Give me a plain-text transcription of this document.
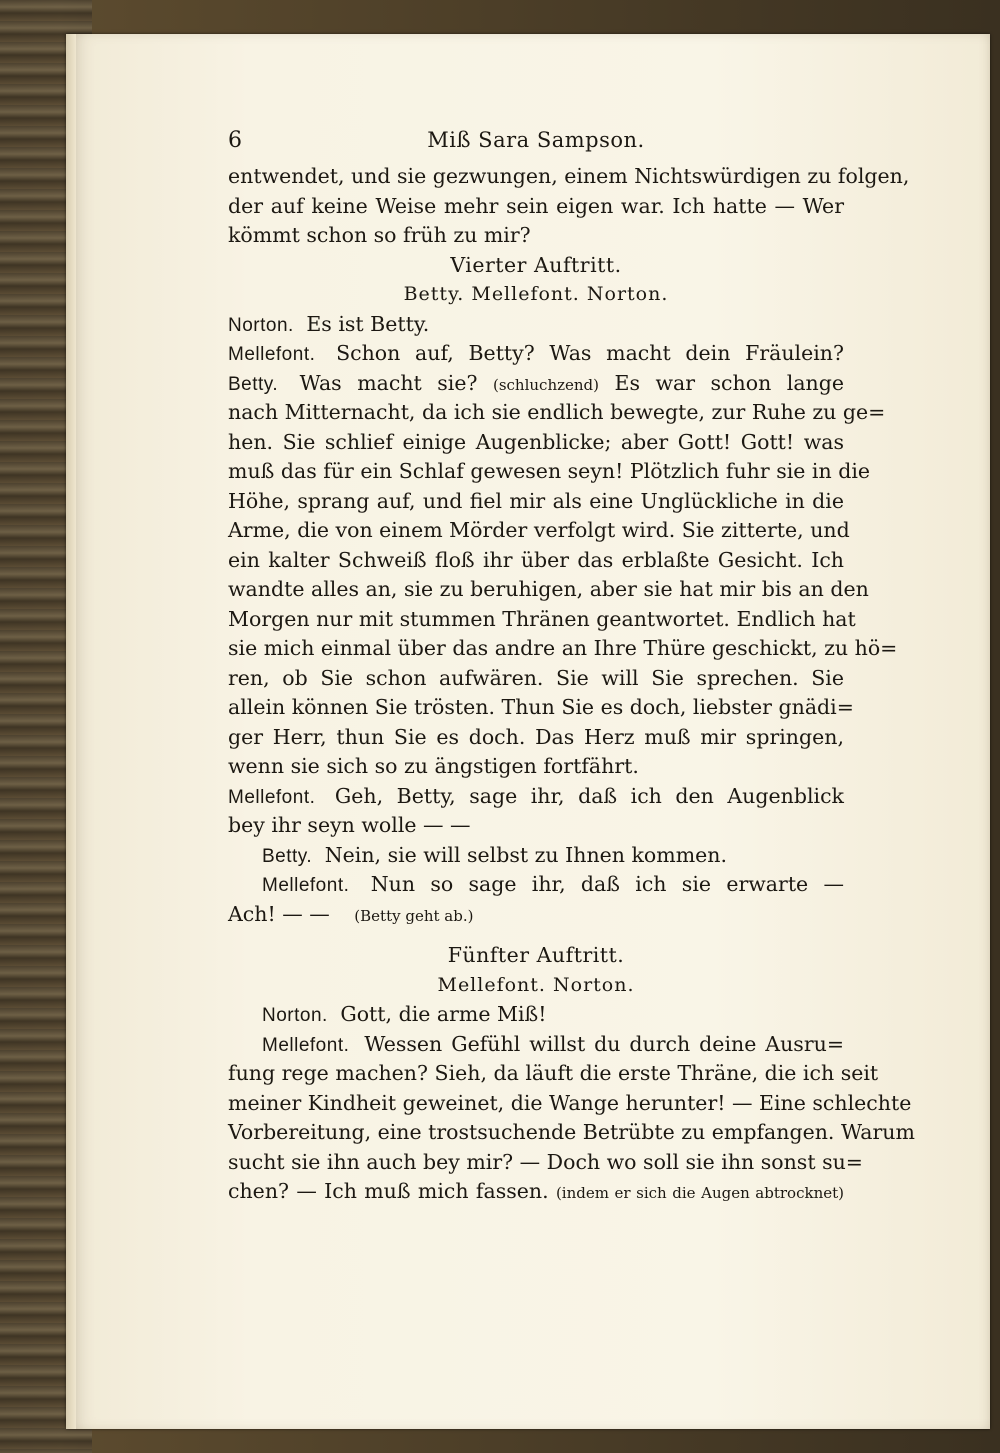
6	Miß Sara Sampson.
entwendet, und sie gezwungen, einem Nichtswürdigen zu folgen,
der auf keine Weise mehr sein eigen war. Ich hatte — Wer
kömmt schon so früh zu mir?
Vierter Auftritt.
Betty. Mellefont. Norton.
Norton. Es ist Betty.
Mellefont. Schon auf, Betty? Was macht dein Fräulein?
Betty. Was macht sie? (schluchzend) Es war schon lange
nach Mitternacht, da ich sie endlich bewegte, zur Ruhe zu ge=
hen. Sie schlief einige Augenblicke; aber Gott! Gott! was
muß das für ein Schlaf gewesen seyn! Plötzlich fuhr sie in die
Höhe, sprang auf, und fiel mir als eine Unglückliche in die
Arme, die von einem Mörder verfolgt wird. Sie zitterte, und
ein kalter Schweiß floß ihr über das erblaßte Gesicht. Ich
wandte alles an, sie zu beruhigen, aber sie hat mir bis an den
Morgen nur mit stummen Thränen geantwortet. Endlich hat
sie mich einmal über das andre an Ihre Thüre geschickt, zu hö=
ren, ob Sie schon aufwären. Sie will Sie sprechen. Sie
allein können Sie trösten. Thun Sie es doch, liebster gnädi=
ger Herr, thun Sie es doch. Das Herz muß mir springen,
wenn sie sich so zu ängstigen fortfährt.
Mellefont. Geh, Betty, sage ihr, daß ich den Augenblick
bey ihr seyn wolle — —
Betty. Nein, sie will selbst zu Ihnen kommen.
Mellefont. Nun so sage ihr, daß ich sie erwarte —
Ach! — — (Betty geht ab.)
Fünfter Auftritt.
Mellefont. Norton.
Norton. Gott, die arme Miß!
Mellefont. Wessen Gefühl willst du durch deine Ausru=
fung rege machen? Sieh, da läuft die erste Thräne, die ich seit
meiner Kindheit geweinet, die Wange herunter! — Eine schlechte
Vorbereitung, eine trostsuchende Betrübte zu empfangen. Warum
sucht sie ihn auch bey mir? — Doch wo soll sie ihn sonst su=
chen? — Ich muß mich fassen. (indem er sich die Augen abtrocknet)
